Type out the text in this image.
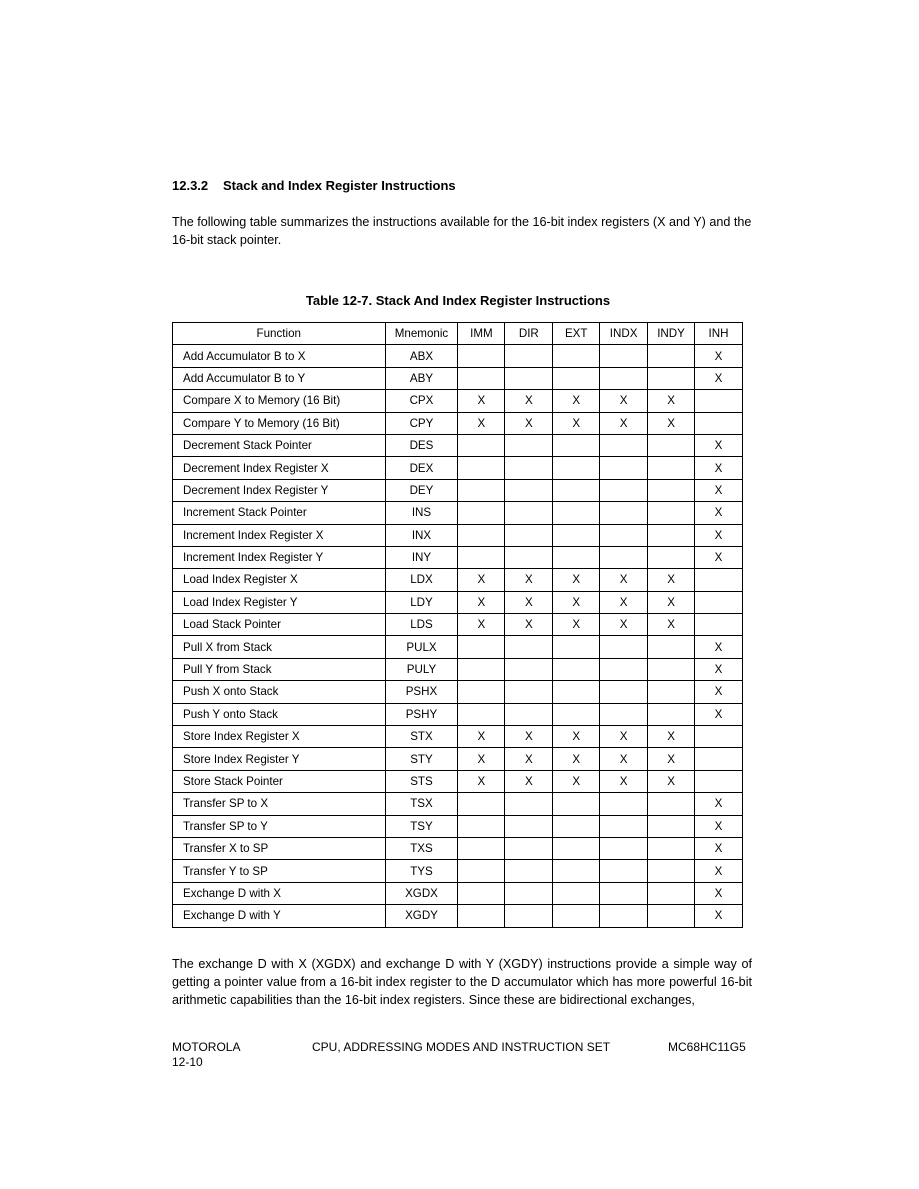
12.3.2 Stack and Index Register Instructions
The following table summarizes the instructions available for the 16-bit index registers (X and Y) and the 16-bit stack pointer.
Table 12-7. Stack And Index Register Instructions
Function	Mnemonic	IMM	DIR	EXT	INDX	INDY	INH
Add Accumulator B to X	ABX						X
Add Accumulator B to Y	ABY						X
Compare X to Memory (16 Bit)	CPX	X	X	X	X	X	
Compare Y to Memory (16 Bit)	CPY	X	X	X	X	X	
Decrement Stack Pointer	DES						X
Decrement Index Register X	DEX						X
Decrement Index Register Y	DEY						X
Increment Stack Pointer	INS						X
Increment Index Register X	INX						X
Increment Index Register Y	INY						X
Load Index Register X	LDX	X	X	X	X	X	
Load Index Register Y	LDY	X	X	X	X	X	
Load Stack Pointer	LDS	X	X	X	X	X	
Pull X from Stack	PULX						X
Pull Y from Stack	PULY						X
Push X onto Stack	PSHX						X
Push Y onto Stack	PSHY						X
Store Index Register X	STX	X	X	X	X	X	
Store Index Register Y	STY	X	X	X	X	X	
Store Stack Pointer	STS	X	X	X	X	X	
Transfer SP to X	TSX						X
Transfer SP to Y	TSY						X
Transfer X to SP	TXS						X
Transfer Y to SP	TYS						X
Exchange D with X	XGDX						X
Exchange D with Y	XGDY						X
The exchange D with X (XGDX) and exchange D with Y (XGDY) instructions provide a simple way of getting a pointer value from a 16-bit index register to the D accumulator which has more powerful 16-bit arithmetic capabilities than the 16-bit index registers. Since these are bidirectional exchanges,
MOTOROLA
12-10
CPU, ADDRESSING MODES AND INSTRUCTION SET	MC68HC11G5
